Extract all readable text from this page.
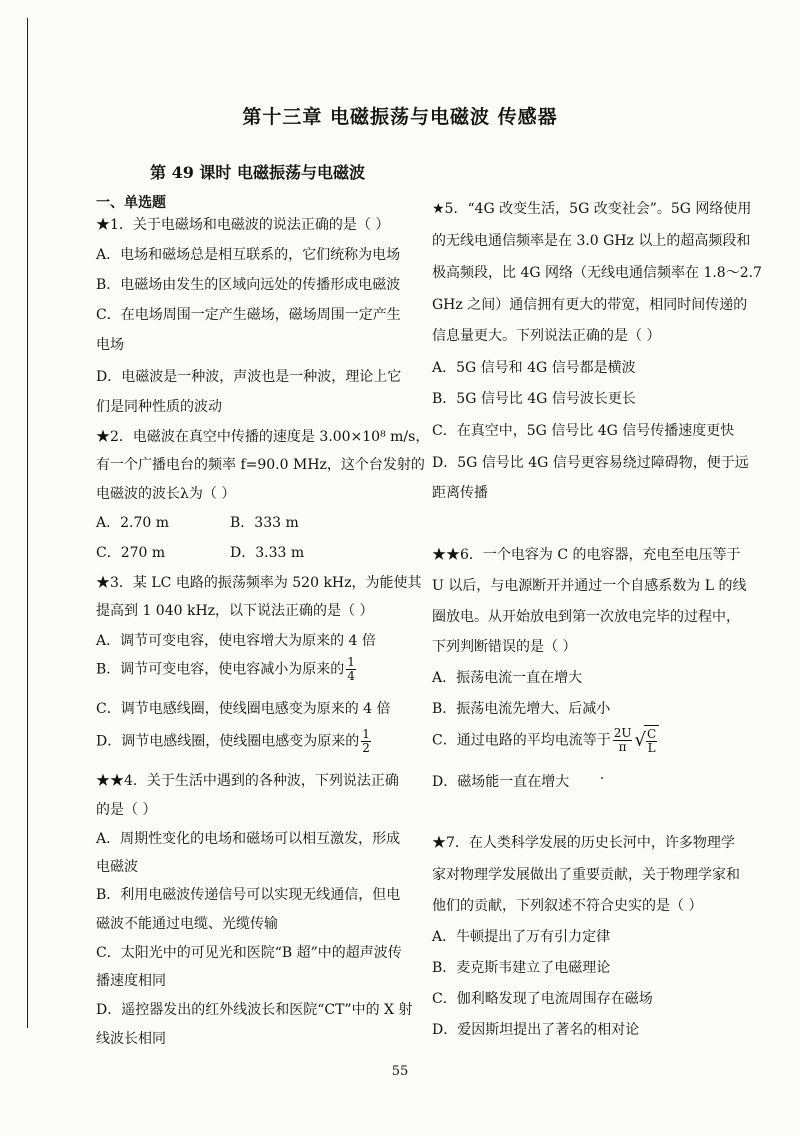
第十三章 电磁振荡与电磁波 传感器
第 49 课时 电磁振荡与电磁波
一、单选题
★1．关于电磁场和电磁波的说法正确的是（ ）
A．电场和磁场总是相互联系的，它们统称为电场
B．电磁场由发生的区域向远处的传播形成电磁波
C．在电场周围一定产生磁场，磁场周围一定产生
电场
D．电磁波是一种波，声波也是一种波，理论上它
们是同种性质的波动
★2．电磁波在真空中传播的速度是 3.00×10⁸ m/s，
有一个广播电台的频率 f=90.0 MHz，这个台发射的
电磁波的波长λ为（ ）
A．2.70 m	B．333 m
C．270 m	D．3.33 m
★3．某 LC 电路的振荡频率为 520 kHz，为能使其
提高到 1 040 kHz，以下说法正确的是（ ）
A．调节可变电容，使电容增大为原来的 4 倍
B．调节可变电容，使电容减小为原来的 $\frac{1}{4}$
C．调节电感线圈，使线圈电感变为原来的 4 倍
D．调节电感线圈，使线圈电感变为原来的 $\frac{1}{2}$
★★4．关于生活中遇到的各种波，下列说法正确
的是（ ）
A．周期性变化的电场和磁场可以相互激发，形成
电磁波
B．利用电磁波传递信号可以实现无线通信，但电
磁波不能通过电缆、光缆传输
C．太阳光中的可见光和医院“B 超”中的超声波传
播速度相同
D．遥控器发出的红外线波长和医院“CT”中的 X 射
线波长相同
★5．“4G 改变生活，5G 改变社会”。5G 网络使用
的无线电通信频率是在 3.0 GHz 以上的超高频段和
极高频段，比 4G 网络（无线电通信频率在 1.8～2.7
GHz 之间）通信拥有更大的带宽，相同时间传递的
信息量更大。下列说法正确的是（ ）
A．5G 信号和 4G 信号都是横波
B．5G 信号比 4G 信号波长更长
C．在真空中，5G 信号比 4G 信号传播速度更快
D．5G 信号比 4G 信号更容易绕过障碍物，便于远
距离传播
★★6．一个电容为 C 的电容器，充电至电压等于
U 以后，与电源断开并通过一个自感系数为 L 的线
圈放电。从开始放电到第一次放电完毕的过程中，
下列判断错误的是（ ）
A．振荡电流一直在增大
B．振荡电流先增大、后减小
C．通过电路的平均电流等于 $\frac{2U}{\pi}$ √ $\frac{C}{L}$
D．磁场能一直在增大
★7．在人类科学发展的历史长河中，许多物理学
家对物理学发展做出了重要贡献，关于物理学家和
他们的贡献，下列叙述不符合史实的是（ ）
A．牛顿提出了万有引力定律
B．麦克斯韦建立了电磁理论
C．伽利略发现了电流周围存在磁场
D．爱因斯坦提出了著名的相对论
55
